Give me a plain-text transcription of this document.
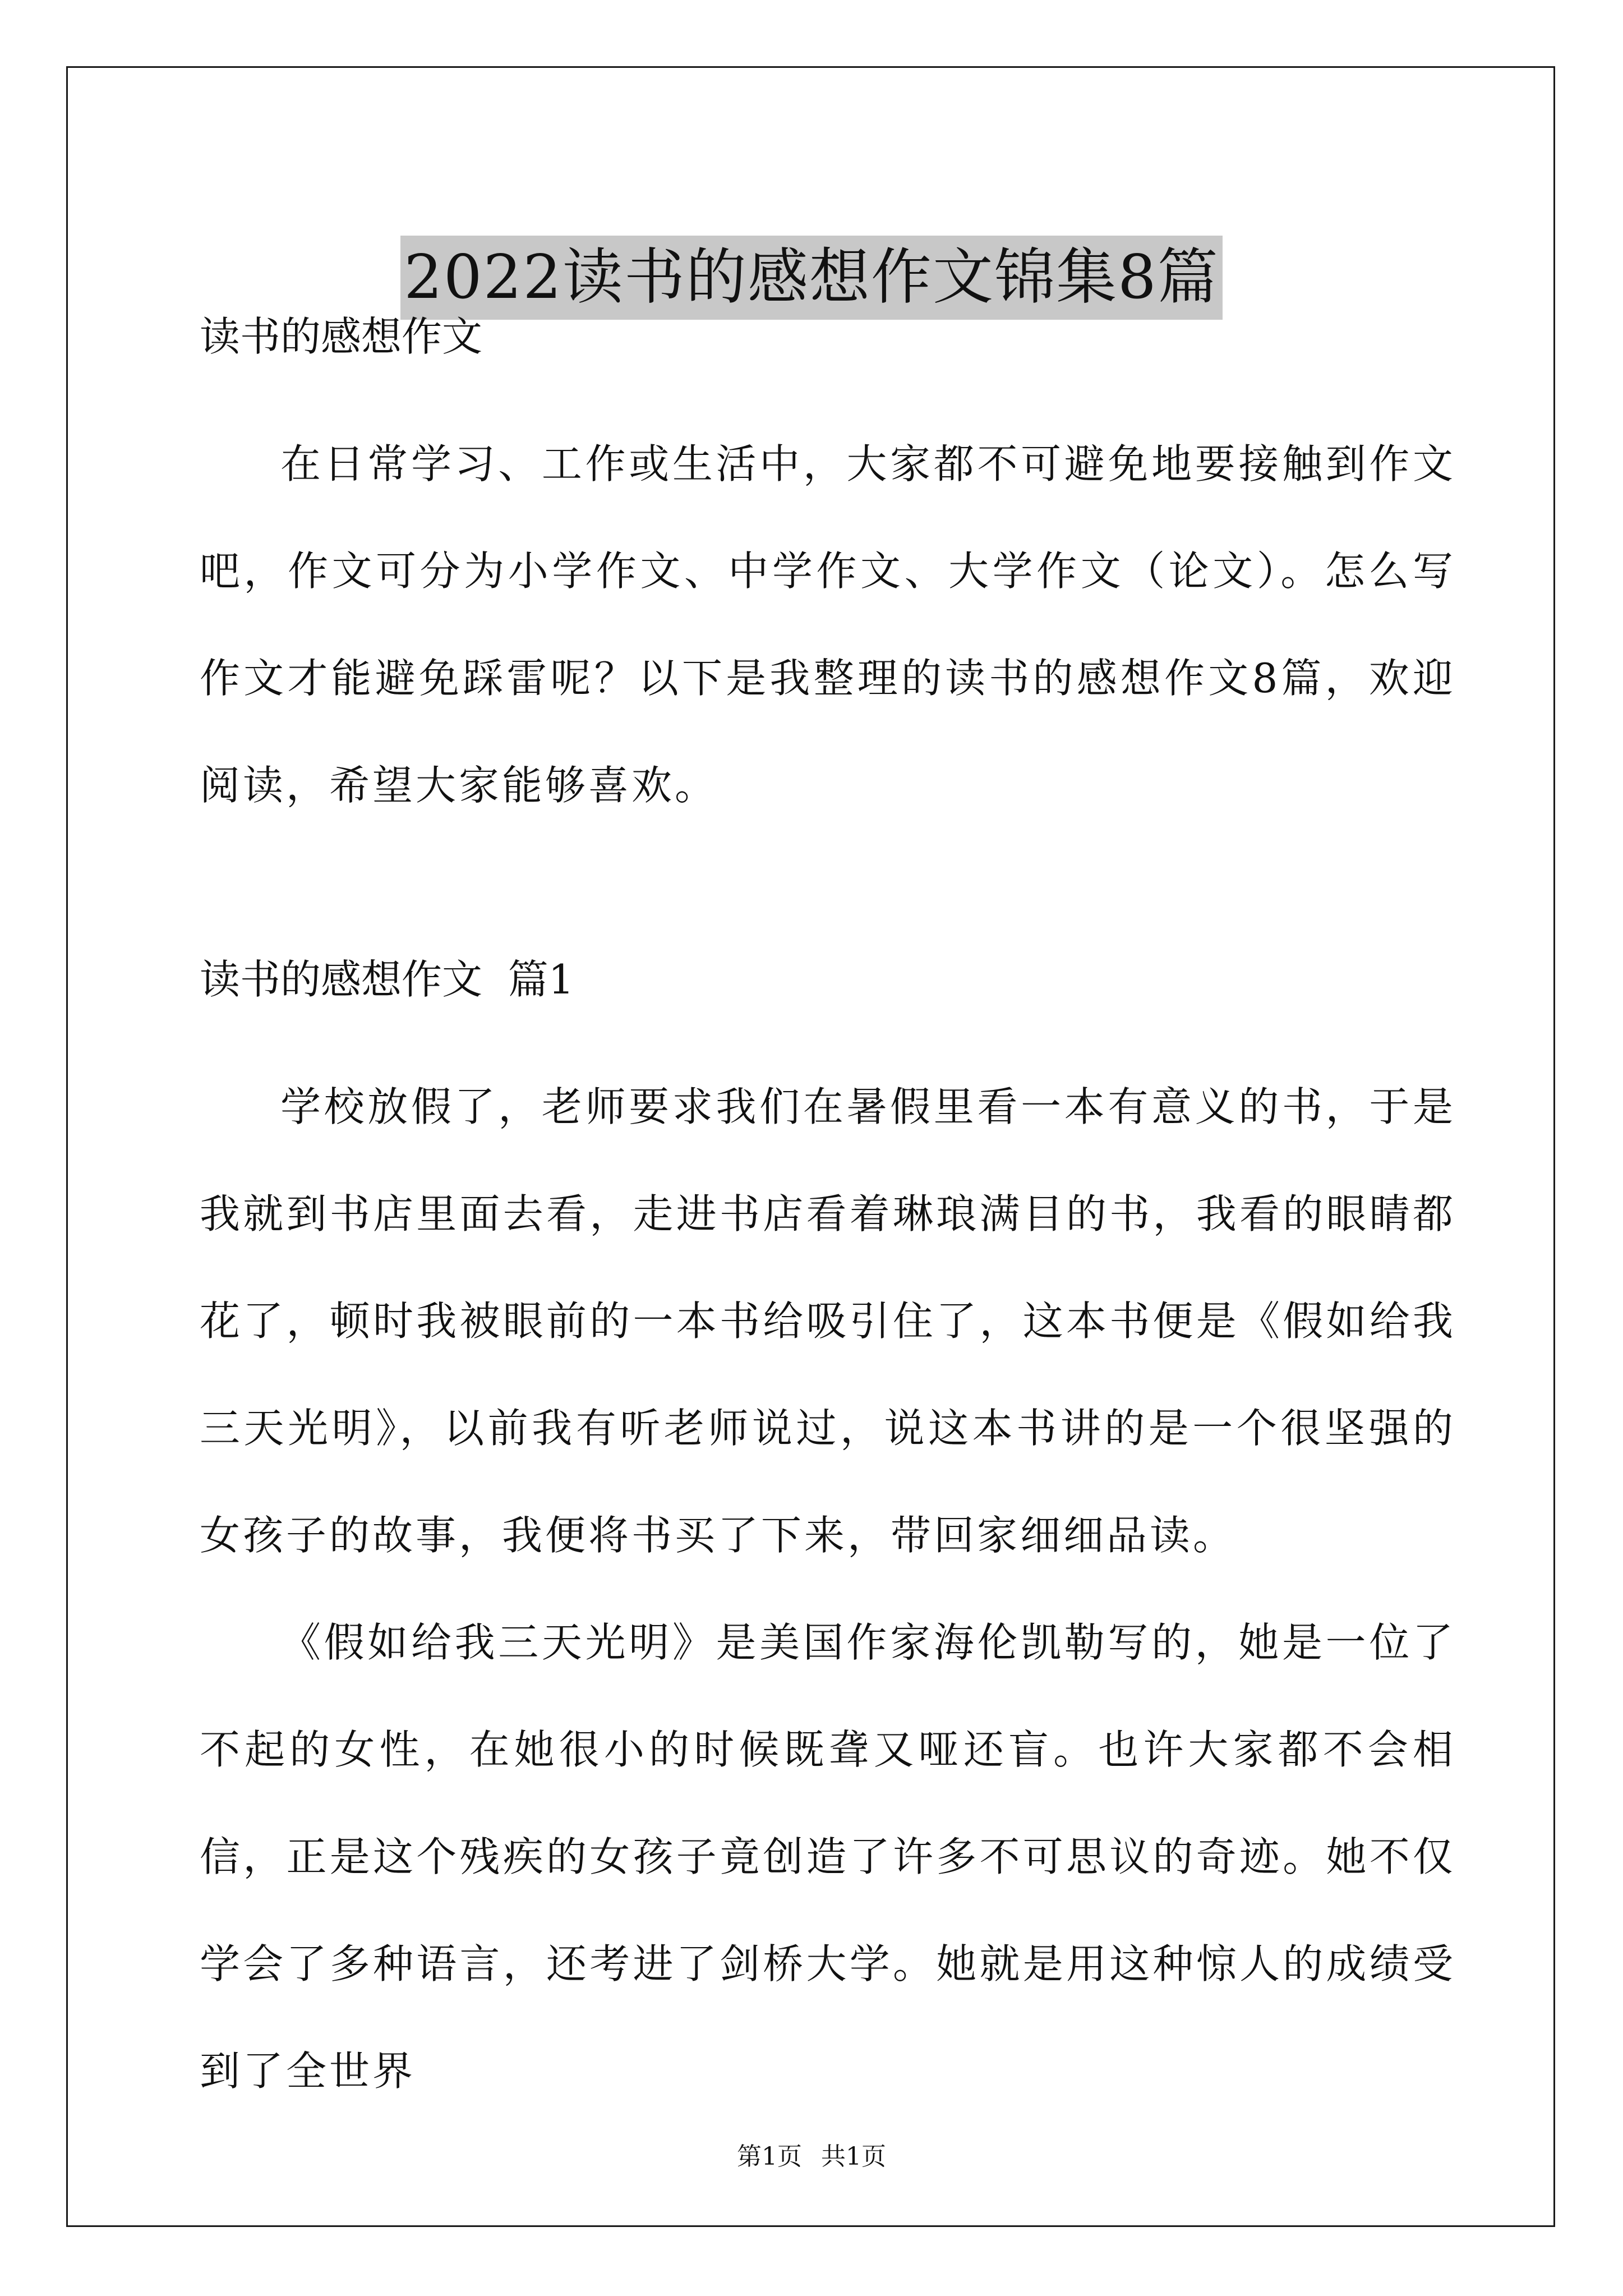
2022读书的感想作文锦集8篇

读书的感想作文

在日常学习、工作或生活中，大家都不可避免地要接触到作文吧，作文可分为小学作文、中学作文、大学作文（论文）。怎么写作文才能避免踩雷呢？以下是我整理的读书的感想作文8篇，欢迎阅读，希望大家能够喜欢。

读书的感想作文  篇1

学校放假了，老师要求我们在暑假里看一本有意义的书，于是我就到书店里面去看，走进书店看着琳琅满目的书，我看的眼睛都花了，顿时我被眼前的一本书给吸引住了，这本书便是《假如给我三天光明》，以前我有听老师说过，说这本书讲的是一个很坚强的女孩子的故事，我便将书买了下来，带回家细细品读。

《假如给我三天光明》是美国作家海伦凯勒写的，她是一位了不起的女性，在她很小的时候既聋又哑还盲。也许大家都不会相信，正是这个残疾的女孩子竟创造了许多不可思议的奇迹。她不仅学会了多种语言，还考进了剑桥大学。她就是用这种惊人的成绩受到了全世界

第1页 共1页
